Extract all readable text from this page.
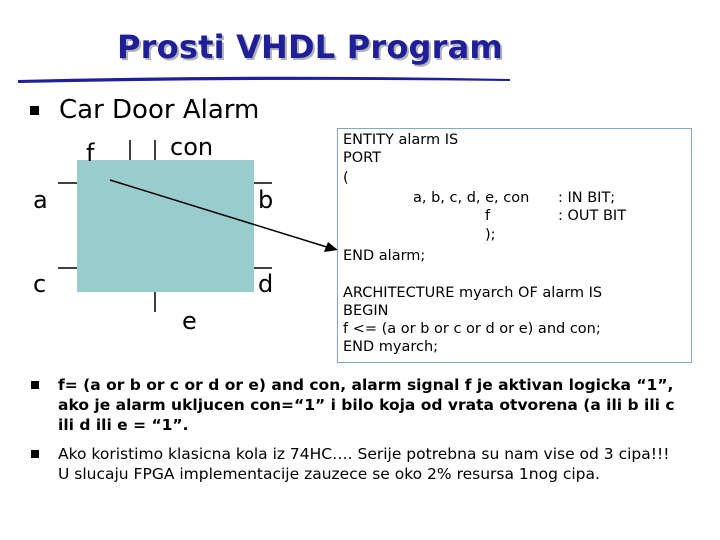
Prosti VHDL Program
Car Door Alarm
f	con
a	b
c	d
e
ENTITY alarm IS
PORT
(
a, b, c, d, e, con : IN BIT;
f	: OUT BIT
);
END alarm;
ARCHITECTURE myarch OF alarm IS
BEGIN
f <= (a or b or c or d or e) and con;
END myarch;
f= (a or b or c or d or e) and con, alarm signal f je aktivan logicka “1”,
ako je alarm ukljucen con=“1” i bilo koja od vrata otvorena (a ili b ili c
ili d ili e = “1”.
Ako koristimo klasicna kola iz 74HC…. Serije potrebna su nam vise od 3 cipa!!!
U slucaju FPGA implementacije zauzece se oko 2% resursa 1nog cipa.
